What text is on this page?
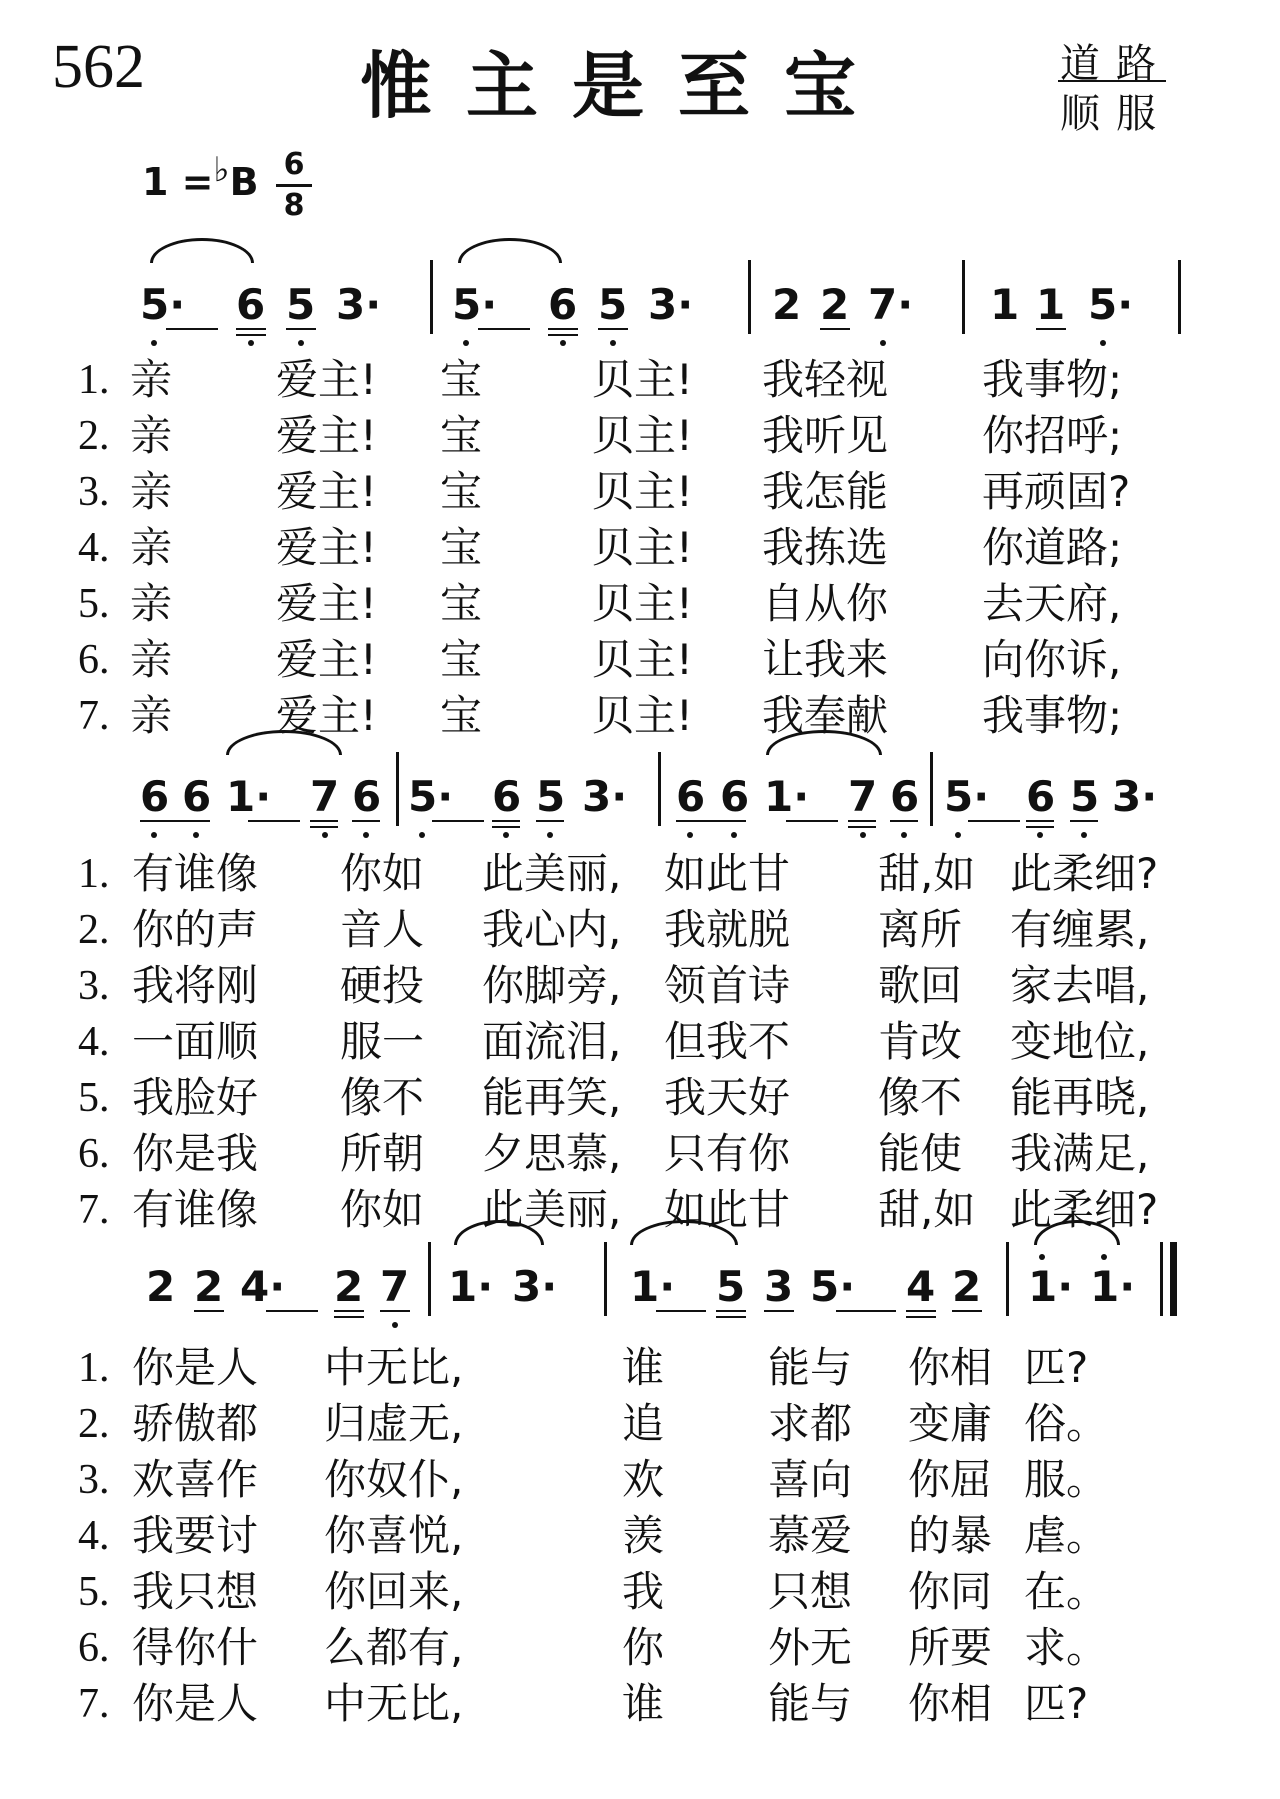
562	惟主是至宝	道路
顺服
1 =♭B 6
8
5· 6 5 3· 5· 6 5 3· 2 2 7· 1 1 5·
1. 亲 爱主! 宝	贝主! 我轻视 我事物;
2. 亲 爱主! 宝	贝主! 我听见 你招呼;
3. 亲 爱主! 宝	贝主! 我怎能 再顽固?
4. 亲 爱主! 宝	贝主! 我拣选 你道路;
5. 亲 爱主! 宝	贝主! 自从你 去天府,
6. 亲 爱主! 宝	贝主! 让我来 向你诉,
7. 亲 爱主! 宝	贝主! 我奉献 我事物;
6 6 1· 7 6 5· 6 5 3· 6 6 1· 7 6 5· 6 5 3·
1. 有谁像 你如 此美丽, 如此甘 甜,如 此柔细?
2. 你的声 音人 我心内, 我就脱 离所 有缠累,
3. 我将刚 硬投 你脚旁, 领首诗 歌回 家去唱,
4. 一面顺 服一 面流泪, 但我不 肯改 变地位,
5. 我脸好 像不 能再笑, 我天好 像不 能再晓,
6. 你是我 所朝 夕思慕, 只有你 能使 我满足,
7. 有谁像 你如 此美丽, 如此甘 甜,如 此柔细?
2 2 4· 2 7 1· 3· 1· 5 3 5· 4 2 1· 1·
1. 你是人 中无比,	谁 能与 你相 匹?
2. 骄傲都 归虚无,	追 求都 变庸 俗。
3. 欢喜作 你奴仆,	欢 喜向 你屈 服。
4. 我要讨 你喜悦,	羡 慕爱 的暴 虐。
5. 我只想 你回来,	我 只想 你同 在。
6. 得你什 么都有,	你 外无 所要 求。
7. 你是人 中无比,	谁 能与 你相 匹?
